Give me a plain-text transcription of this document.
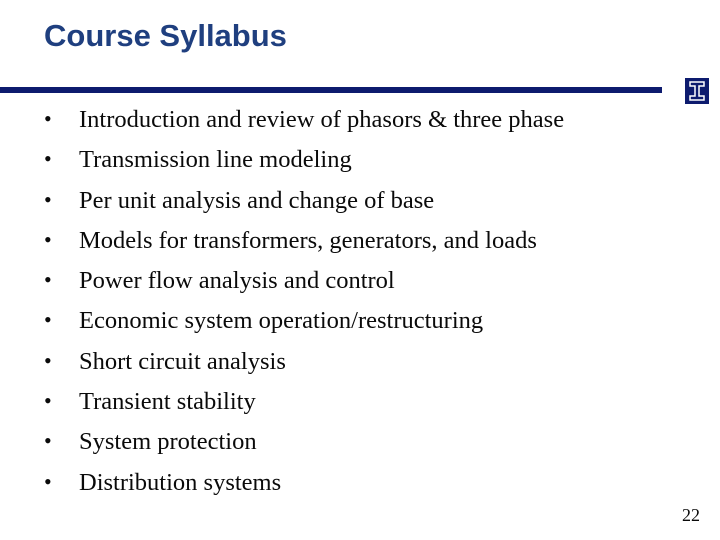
Course Syllabus
• Introduction and review of phasors & three phase
• Transmission line modeling
• Per unit analysis and change of base
• Models for transformers, generators, and loads
• Power flow analysis and control
• Economic system operation/restructuring
• Short circuit analysis
• Transient stability
• System protection
• Distribution systems
22
